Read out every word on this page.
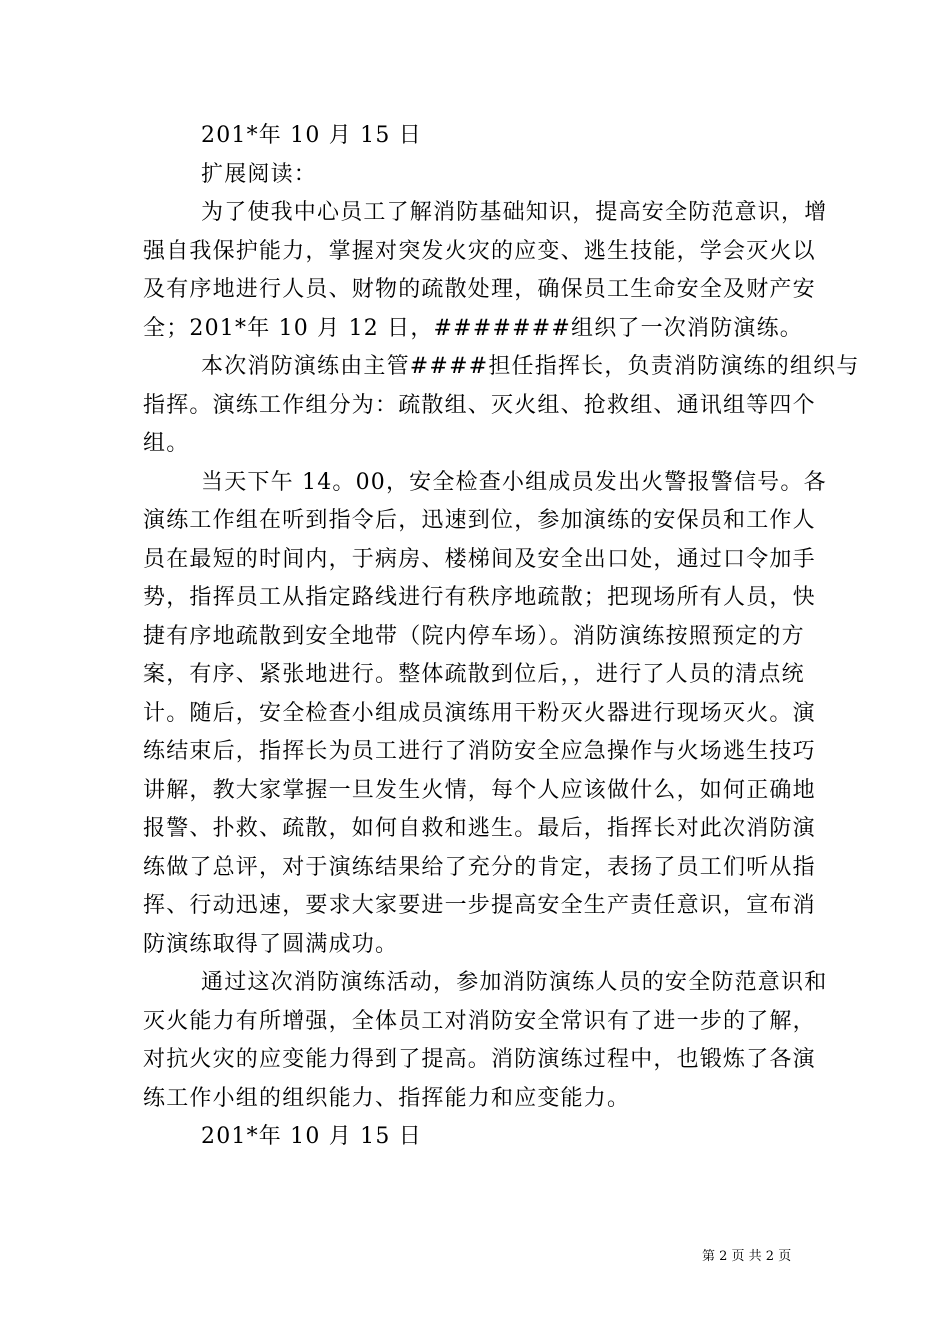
201*年 10 月 15 日

扩展阅读：

为了使我中心员工了解消防基础知识，提高安全防范意识，增

强自我保护能力，掌握对突发火灾的应变、逃生技能，学会灭火以

及有序地进行人员、财物的疏散处理，确保员工生命安全及财产安

全；201*年 10 月 12 日，#######组织了一次消防演练。

本次消防演练由主管####担任指挥长，负责消防演练的组织与

指挥。演练工作组分为：疏散组、灭火组、抢救组、通讯组等四个

组。

当天下午 14。00，安全检查小组成员发出火警报警信号。各

演练工作组在听到指令后，迅速到位，参加演练的安保员和工作人

员在最短的时间内，于病房、楼梯间及安全出口处，通过口令加手

势，指挥员工从指定路线进行有秩序地疏散；把现场所有人员，快

捷有序地疏散到安全地带（院内停车场）。消防演练按照预定的方

案，有序、紧张地进行。整体疏散到位后，，进行了人员的清点统

计。随后，安全检查小组成员演练用干粉灭火器进行现场灭火。演

练结束后，指挥长为员工进行了消防安全应急操作与火场逃生技巧

讲解，教大家掌握一旦发生火情，每个人应该做什么，如何正确地

报警、扑救、疏散，如何自救和逃生。最后，指挥长对此次消防演

练做了总评，对于演练结果给了充分的肯定，表扬了员工们听从指

挥、行动迅速，要求大家要进一步提高安全生产责任意识，宣布消

防演练取得了圆满成功。

通过这次消防演练活动，参加消防演练人员的安全防范意识和

灭火能力有所增强，全体员工对消防安全常识有了进一步的了解，

对抗火灾的应变能力得到了提高。消防演练过程中，也锻炼了各演

练工作小组的组织能力、指挥能力和应变能力。

201*年 10 月 15 日

第 2 页 共 2 页
